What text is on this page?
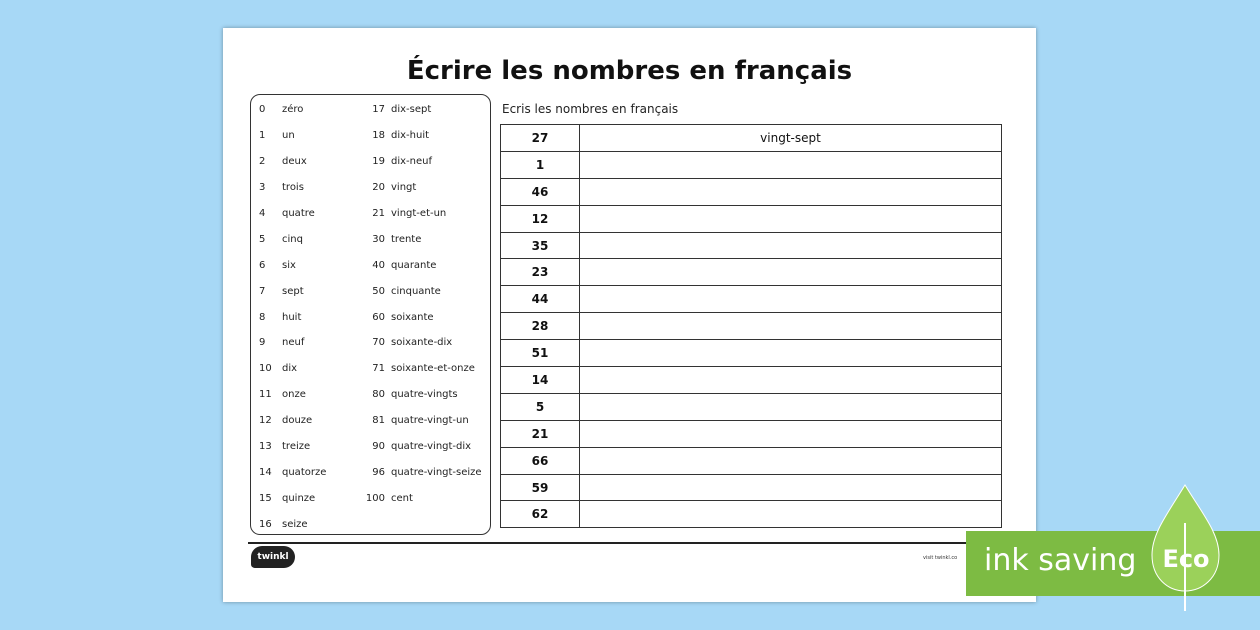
Écrire les nombres en français
0	zéro
1	un
2	deux
3	trois
4	quatre
5	cinq
6	six
7	sept
8	huit
9	neuf
10	dix
11	onze
12	douze
13	treize
14	quatorze
15	quinze
16	seize
17 dix-sept
18 dix-huit
19 dix-neuf
20 vingt
21 vingt-et-un
30 trente
40 quarante
50 cinquante
60 soixante
70 soixante-dix
71 soixante-et-onze
80 quatre-vingts
81 quatre-vingt-un
90 quatre-vingt-dix
96 quatre-vingt-seize
100 cent
Ecris les nombres en français
27	vingt-sept
1	
46	
12	
35	
23	
44	
28	
51	
14	
5	
21	
66	
59	
62	
twinkl	visit twinkl.co ink saving Eco
